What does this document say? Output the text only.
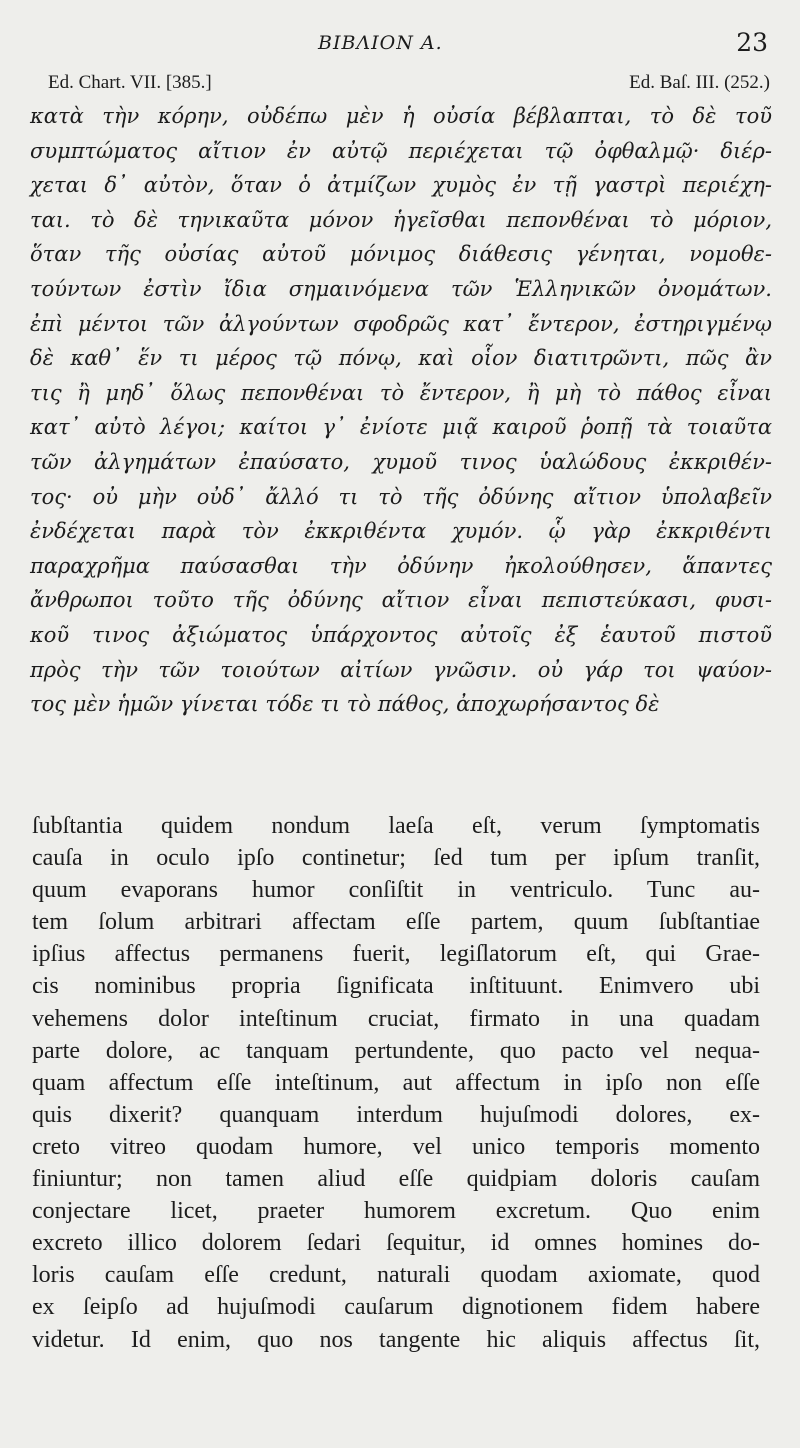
BIBΛΙΟΝ Α.	23
Ed. Chart. VII. [385.]	Ed. Baſ. III. (252.)
κατὰ τὴν κόρην, οὐδέπω μὲν ἡ οὐσία βέβλαπται, τὸ δὲ τοῦ
συμπτώματος αἴτιον ἐν αὐτῷ περιέχεται τῷ ὀφθαλμῷ· διέρ-
χεται δ᾽ αὐτὸν, ὅταν ὁ ἀτμίζων χυμὸς ἐν τῇ γαστρὶ περιέχη-
ται. τὸ δὲ τηνικαῦτα μόνον ἡγεῖσθαι πεπονθέναι τὸ μόριον,
ὅταν τῆς οὐσίας αὐτοῦ μόνιμος διάθεσις γένηται, νομοθε-
τούντων ἐστὶν ἴδια σημαινόμενα τῶν Ἑλληνικῶν ὀνομάτων.
ἐπὶ μέντοι τῶν ἀλγούντων σφοδρῶς κατ᾽ ἔντερον, ἐστηριγμένῳ
δὲ καθ᾽ ἕν τι μέρος τῷ πόνῳ, καὶ οἷον διατιτρῶντι, πῶς ἂν
τις ἢ μηδ᾽ ὅλως πεπονθέναι τὸ ἔντερον, ἢ μὴ τὸ πάθος εἶναι
κατ᾽ αὐτὸ λέγοι; καίτοι γ᾽ ἐνίοτε μιᾷ καιροῦ ῥοπῇ τὰ τοιαῦτα
τῶν ἀλγημάτων ἐπαύσατο, χυμοῦ τινος ὑαλώδους ἐκκριθέν-
τος· οὐ μὴν οὐδ᾽ ἄλλό τι τὸ τῆς ὀδύνης αἴτιον ὑπολαβεῖν
ἐνδέχεται παρὰ τὸν ἐκκριθέντα χυμόν. ᾧ γὰρ ἐκκριθέντι
παραχρῆμα παύσασθαι τὴν ὀδύνην ἠκολούθησεν, ἅπαντες
ἄνθρωποι τοῦτο τῆς ὀδύνης αἴτιον εἶναι πεπιστεύκασι, φυσι-
κοῦ τινος ἀξιώματος ὑπάρχοντος αὐτοῖς ἐξ ἑαυτοῦ πιστοῦ
πρὸς τὴν τῶν τοιούτων αἰτίων γνῶσιν. οὐ γάρ τοι ψαύον-
τος μὲν ἡμῶν γίνεται τόδε τι τὸ πάθος, ἀποχωρήσαντος δὲ
ſubſtantia quidem nondum laeſa eſt, verum ſymptomatis
cauſa in oculo ipſo continetur; ſed tum per ipſum tranſit,
quum evaporans humor conſiſtit in ventriculo. Tunc au-
tem ſolum arbitrari affectam eſſe partem, quum ſubſtantiae
ipſius affectus permanens fuerit, legiſlatorum eſt, qui Grae-
cis nominibus propria ſignificata inſtituunt. Enimvero ubi
vehemens dolor inteſtinum cruciat, firmato in una quadam
parte dolore, ac tanquam pertundente, quo pacto vel nequa-
quam affectum eſſe inteſtinum, aut affectum in ipſo non eſſe
quis dixerit? quanquam interdum hujuſmodi dolores, ex-
creto vitreo quodam humore, vel unico temporis momento
finiuntur; non tamen aliud eſſe quidpiam doloris cauſam
conjectare licet, praeter humorem excretum. Quo enim
excreto illico dolorem ſedari ſequitur, id omnes homines do-
loris cauſam eſſe credunt, naturali quodam axiomate, quod
ex ſeipſo ad hujuſmodi cauſarum dignotionem fidem habere
videtur. Id enim, quo nos tangente hic aliquis affectus ſit,
